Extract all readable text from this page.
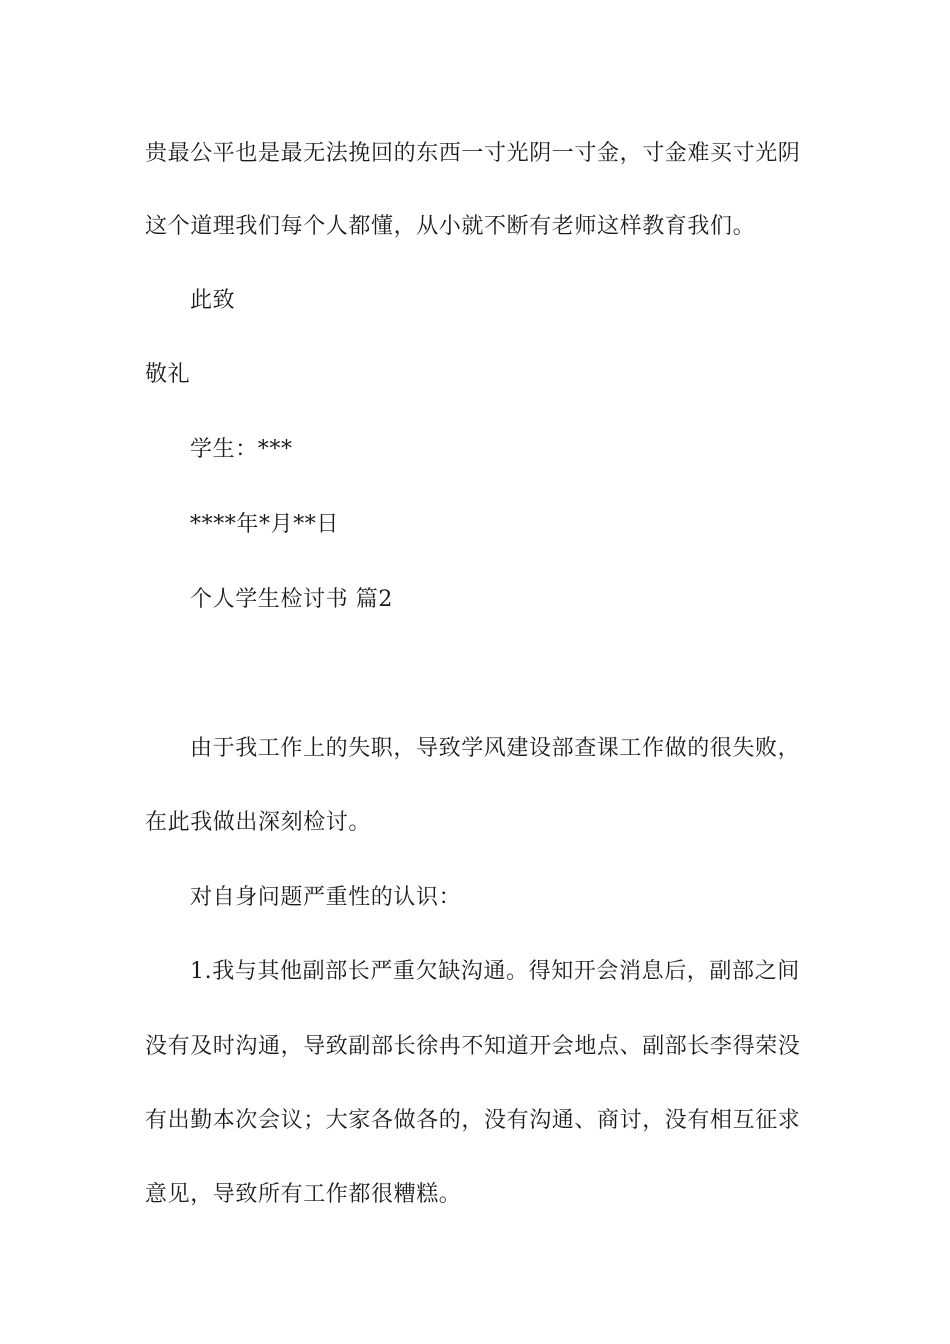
贵最公平也是最无法挽回的东西一寸光阴一寸金，寸金难买寸光阴
这个道理我们每个人都懂，从小就不断有老师这样教育我们。
此致
敬礼
学生：***
****年*月**日
个人学生检讨书 篇2
由于我工作上的失职，导致学风建设部查课工作做的很失败，
在此我做出深刻检讨。
对自身问题严重性的认识：
1.我与其他副部长严重欠缺沟通。得知开会消息后，副部之间
没有及时沟通，导致副部长徐冉不知道开会地点、副部长李得荣没
有出勤本次会议；大家各做各的，没有沟通、商讨，没有相互征求
意见，导致所有工作都很糟糕。
